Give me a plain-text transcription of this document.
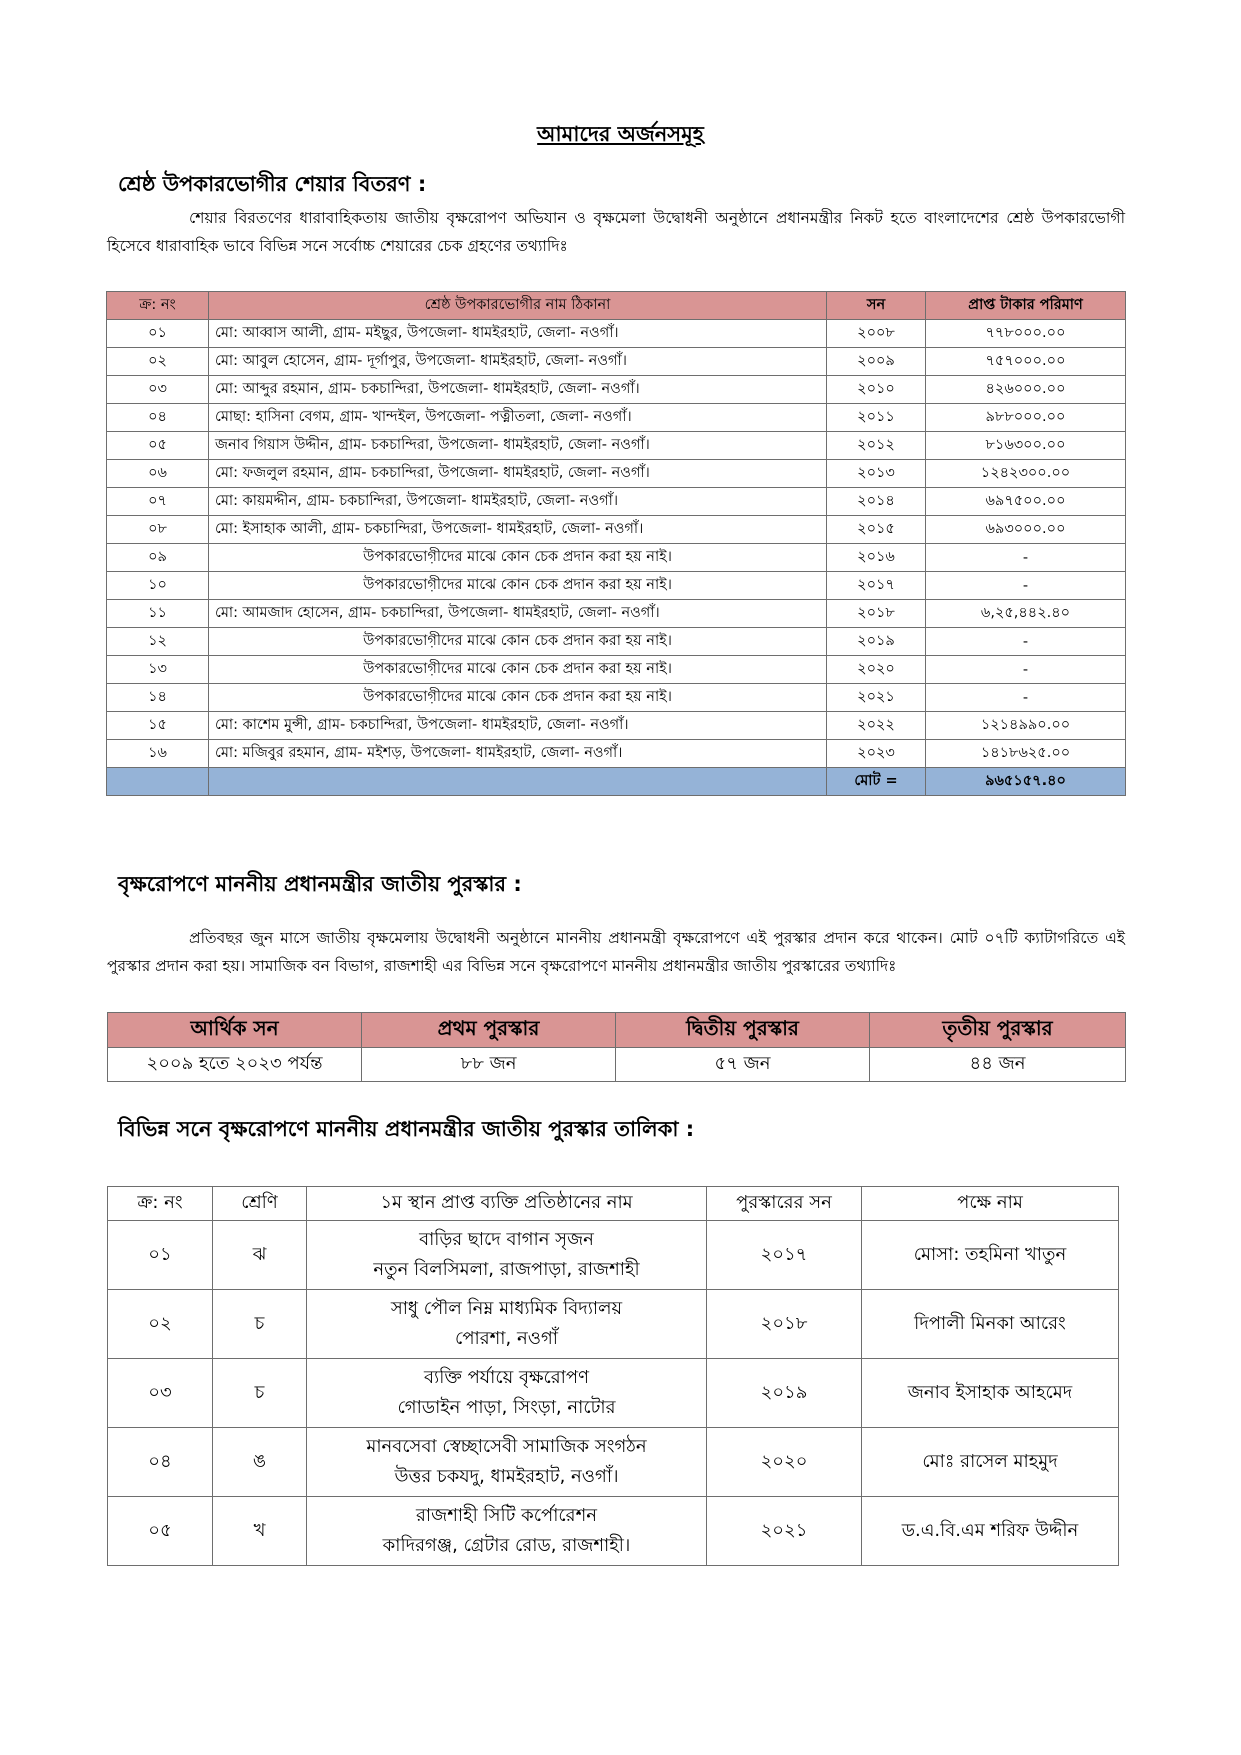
আমাদের অর্জনসমূহ
শ্রেষ্ঠ উপকারভোগীর শেয়ার বিতরণ :
শেয়ার বিরতণের ধারাবাহিকতায় জাতীয় বৃক্ষরোপণ অভিযান ও বৃক্ষমেলা উদ্বোধনী অনুষ্ঠানে প্রধানমন্ত্রীর নিকট হতে বাংলাদেশের শ্রেষ্ঠ উপকারভোগী হিসেবে ধারাবাহিক ভাবে বিভিন্ন সনে সর্বোচ্চ শেয়ারের চেক গ্রহণের তথ্যাদিঃ
ক্র: নং	শ্রেষ্ঠ উপকারভোগীর নাম ঠিকানা	সন	প্রাপ্ত টাকার পরিমাণ
০১	মো: আব্বাস আলী, গ্রাম- মইছুর, উপজেলা- ধামইরহাট, জেলা- নওগাঁ।	২০০৮	৭৭৮০০০.০০
০২	মো: আবুল হোসেন, গ্রাম- দূর্গাপুর, উপজেলা- ধামইরহাট, জেলা- নওগাঁ।	২০০৯	৭৫৭০০০.০০
০৩	মো: আব্দুর রহমান, গ্রাম- চকচান্দিরা, উপজেলা- ধামইরহাট, জেলা- নওগাঁ।	২০১০	৪২৬০০০.০০
০৪	মোছা: হাসিনা বেগম, গ্রাম- খান্দইল, উপজেলা- পত্নীতলা, জেলা- নওগাঁ।	২০১১	৯৮৮০০০.০০
০৫	জনাব গিয়াস উদ্দীন, গ্রাম- চকচান্দিরা, উপজেলা- ধামইরহাট, জেলা- নওগাঁ।	২০১২	৮১৬৩০০.০০
০৬	মো: ফজলুল রহমান, গ্রাম- চকচান্দিরা, উপজেলা- ধামইরহাট, জেলা- নওগাঁ।	২০১৩	১২৪২৩০০.০০
০৭	মো: কায়মদ্দীন, গ্রাম- চকচান্দিরা, উপজেলা- ধামইরহাট, জেলা- নওগাঁ।	২০১৪	৬৯৭৫০০.০০
০৮	মো: ইসাহাক আলী, গ্রাম- চকচান্দিরা, উপজেলা- ধামইরহাট, জেলা- নওগাঁ।	২০১৫	৬৯৩০০০.০০
০৯	উপকারভো়গীদের মাঝে কোন চেক প্রদান করা হয় নাই।	২০১৬	-
১০	উপকারভো়গীদের মাঝে কোন চেক প্রদান করা হয় নাই।	২০১৭	-
১১	মো: আমজাদ হোসেন, গ্রাম- চকচান্দিরা, উপজেলা- ধামইরহাট, জেলা- নওগাঁ।	২০১৮	৬,২৫,৪৪২.৪০
১২	উপকারভো়গীদের মাঝে কোন চেক প্রদান করা হয় নাই।	২০১৯	-
১৩	উপকারভো়গীদের মাঝে কোন চেক প্রদান করা হয় নাই।	২০২০	-
১৪	উপকারভো়গীদের মাঝে কোন চেক প্রদান করা হয় নাই।	২০২১	-
১৫	মো: কাশেম মুন্সী, গ্রাম- চকচান্দিরা, উপজেলা- ধামইরহাট, জেলা- নওগাঁ।	২০২২	১২১৪৯৯০.০০
১৬	মো: মজিবুর রহমান, গ্রাম- মইশড়, উপজেলা- ধামইরহাট, জেলা- নওগাঁ।	২০২৩	১৪১৮৬২৫.০০
		মোট =	৯৬৫১৫৭.৪০
বৃক্ষরোপণে মাননীয় প্রধানমন্ত্রীর জাতীয় পুরস্কার :
প্রতিবছর জুন মাসে জাতীয় বৃক্ষমেলায় উদ্বোধনী অনুষ্ঠানে মাননীয় প্রধানমন্ত্রী বৃক্ষরোপণে এই পুরস্কার প্রদান করে থাকেন। মোট ০৭টি ক্যাটাগরিতে এই পুরস্কার প্রদান করা হয়। সামাজিক বন বিভাগ, রাজশাহী এর বিভিন্ন সনে বৃক্ষরোপণে মাননীয় প্রধানমন্ত্রীর জাতীয় পুরস্কারের তথ্যাদিঃ
আর্থিক সন	প্রথম পুরস্কার	দ্বিতীয় পুরস্কার	তৃতীয় পুরস্কার
২০০৯ হতে ২০২৩ পর্যন্ত	৮৮ জন	৫৭ জন	৪৪ জন
বিভিন্ন সনে বৃক্ষরোপণে মাননীয় প্রধানমন্ত্রীর জাতীয় পুরস্কার তালিকা :
ক্র: নং	শ্রেণি	১ম স্থান প্রাপ্ত ব্যক্তি প্রতিষ্ঠানের নাম	পুরস্কারের সন	পক্ষে নাম
০১	ঝ	বাড়ির ছাদে বাগান সৃজন
নতুন বিলসিমলা, রাজপাড়া, রাজশাহী	২০১৭	মোসা: তহমিনা খাতুন
০২	চ	সাধু পৌল নিম্ন মাধ্যমিক বিদ্যালয়
পোরশা, নওগাঁ	২০১৮	দিপালী মিনকা আরেং
০৩	চ	ব্যক্তি পর্যায়ে বৃক্ষরোপণ
গোডাইন পাড়া, সিংড়া, নাটোর	২০১৯	জনাব ইসাহাক আহমেদ
০৪	ঙ	মানবসেবা স্বেচ্ছাসেবী সামাজিক সংগঠন
উত্তর চকযদু, ধামইরহাট, নওগাঁ।	২০২০	মোঃ রাসেল মাহমুদ
০৫	খ	রাজশাহী সিটি কর্পোরেশন
কাদিরগঞ্জ, গ্রেটার রোড, রাজশাহী।	২০২১	ড.এ.বি.এম শরিফ উদ্দীন
